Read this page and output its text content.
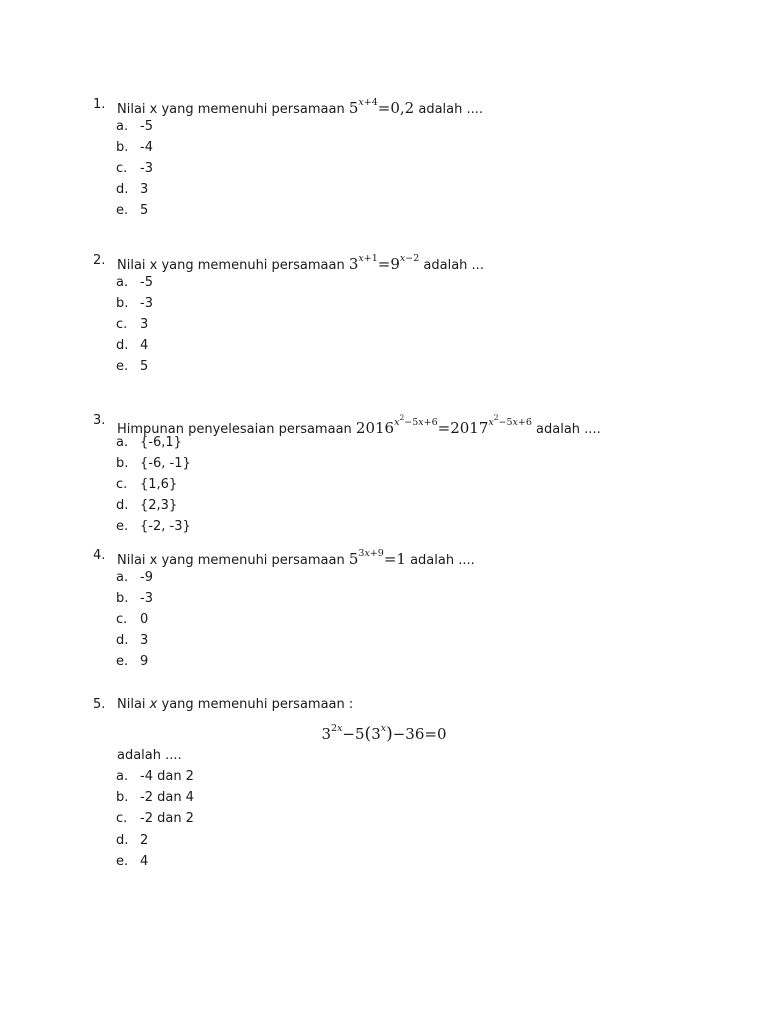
1. Nilai x yang memenuhi persamaan $5^{x+4}=0,2$ adalah ....
a. -5
b. -4
c. -3
d. 3
e. 5
2. Nilai x yang memenuhi persamaan $3^{x+1}=9^{x-2}$ adalah ...
a. -5
b. -3
c. 3
d. 4
e. 5
3.
Himpunan penyelesaian persamaan $2016^{x^2-5x+6}=2017^{x^2-5x+6}$ adalah ....
a. {-6,1}
b. {-6, -1}
c. {1,6}
d. {2,3}
e. {-2, -3}
4. Nilai x yang memenuhi persamaan $5^{3x+9}=1$ adalah ....
a. -9
b. -3
c. 0
d. 3
e. 9
5. Nilai x yang memenuhi persamaan :
$3^{2x}-5(3^x)-36=0$
adalah ....
a. -4 dan 2
b. -2 dan 4
c. -2 dan 2
d. 2
e. 4
